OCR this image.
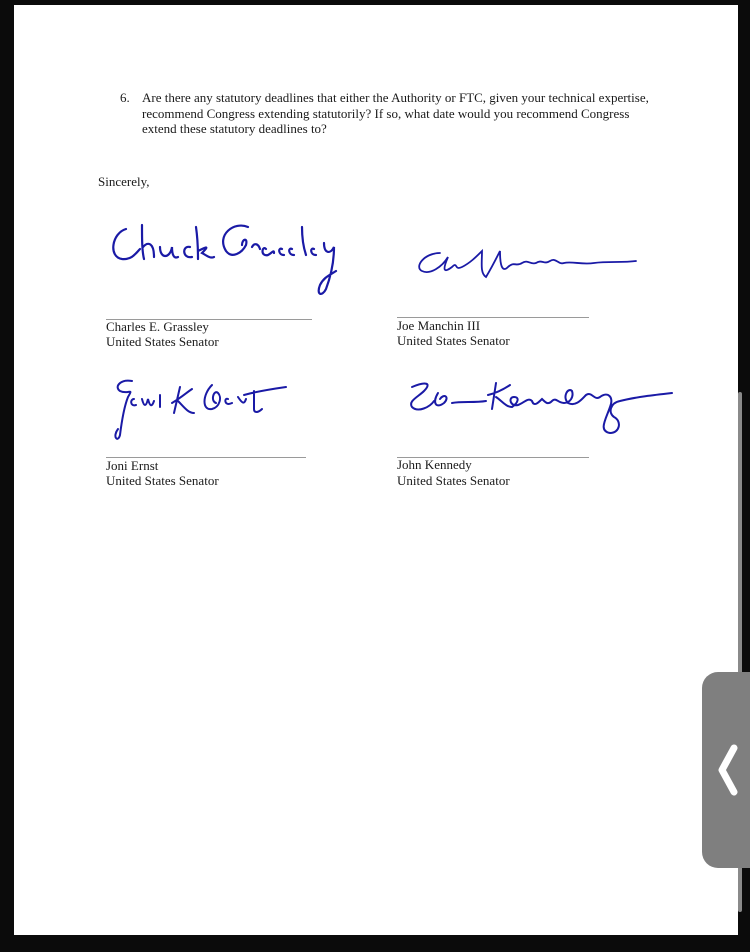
6. Are there any statutory deadlines that either the Authority or FTC, given your technical expertise, recommend Congress extending statutorily? If so, what date would you recommend Congress extend these statutory deadlines to?
Sincerely,
Charles E. Grassley
United States Senator
Joe Manchin III
United States Senator
Joni Ernst
United States Senator
John Kennedy
United States Senator
